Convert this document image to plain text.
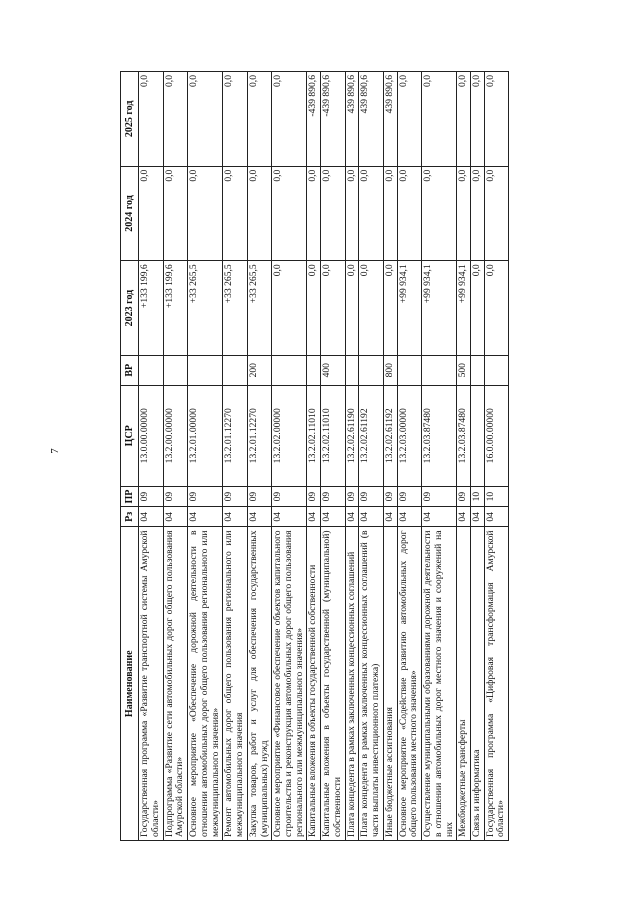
7
Наименование	Рз	ПР	ЦСР	ВР	2023 год	2024 год	2025 год
Государственная программа «Развитие транспортной системы Амурской области»	04	09	13.0.00.00000		+133 199,6	0,0	0,0
Подпрограмма «Развитие сети автомобильных дорог общего пользования Амурской области»	04	09	13.2.00.00000		+133 199,6	0,0	0,0
Основное мероприятие «Обеспечение дорожной деятельности в отношении автомобильных дорог общего пользования регионального или межмуниципального значения»	04	09	13.2.01.00000		+33 265,5	0,0	0,0
Ремонт автомобильных дорог общего пользования регионального или межмуниципального значения	04	09	13.2.01.12270		+33 265,5	0,0	0,0
Закупка товаров, работ и услуг для обеспечения государственных (муниципальных) нужд	04	09	13.2.01.12270	200	+33 265,5	0,0	0,0
Основное мероприятие «Финансовое обеспечение объектов капитального строительства и реконструкция автомобильных дорог общего пользования регионального или межмуниципального значения»	04	09	13.2.02.00000		0,0	0,0	0,0
Капитальные вложения в объекты государственной собственности	04	09	13.2.02.11010		0,0	0,0	-439 890,6
Капитальные вложения в объекты государственной (муниципальной) собственности	04	09	13.2.02.11010	400	0,0	0,0	-439 890,6
Плата концедента в рамках заключенных концессионных соглашений	04	09	13.2.02.61190		0,0	0,0	439 890,6
Плата концедента в рамках заключенных концессионных соглашений (в части выплаты инвестиционного платежа)	04	09	13.2.02.61192		0,0	0,0	439 890,6
Иные бюджетные ассигнования	04	09	13.2.02.61192	800	0,0	0,0	439 890,6
Основное мероприятие «Содействие развитию автомобильных дорог общего пользования местного значения»	04	09	13.2.03.00000		+99 934,1	0,0	0,0
Осуществление муниципальными образованиями дорожной деятельности в отношении автомобильных дорог местного значения и сооружений на них	04	09	13.2.03.87480		+99 934,1	0,0	0,0
Межбюджетные трансферты	04	09	13.2.03.87480	500	+99 934,1	0,0	0,0
Связь и информатика	04	10			0,0	0,0	0,0
Государственная программа «Цифровая трансформация Амурской области»	04	10	16.0.00.00000		0,0	0,0	0,0
